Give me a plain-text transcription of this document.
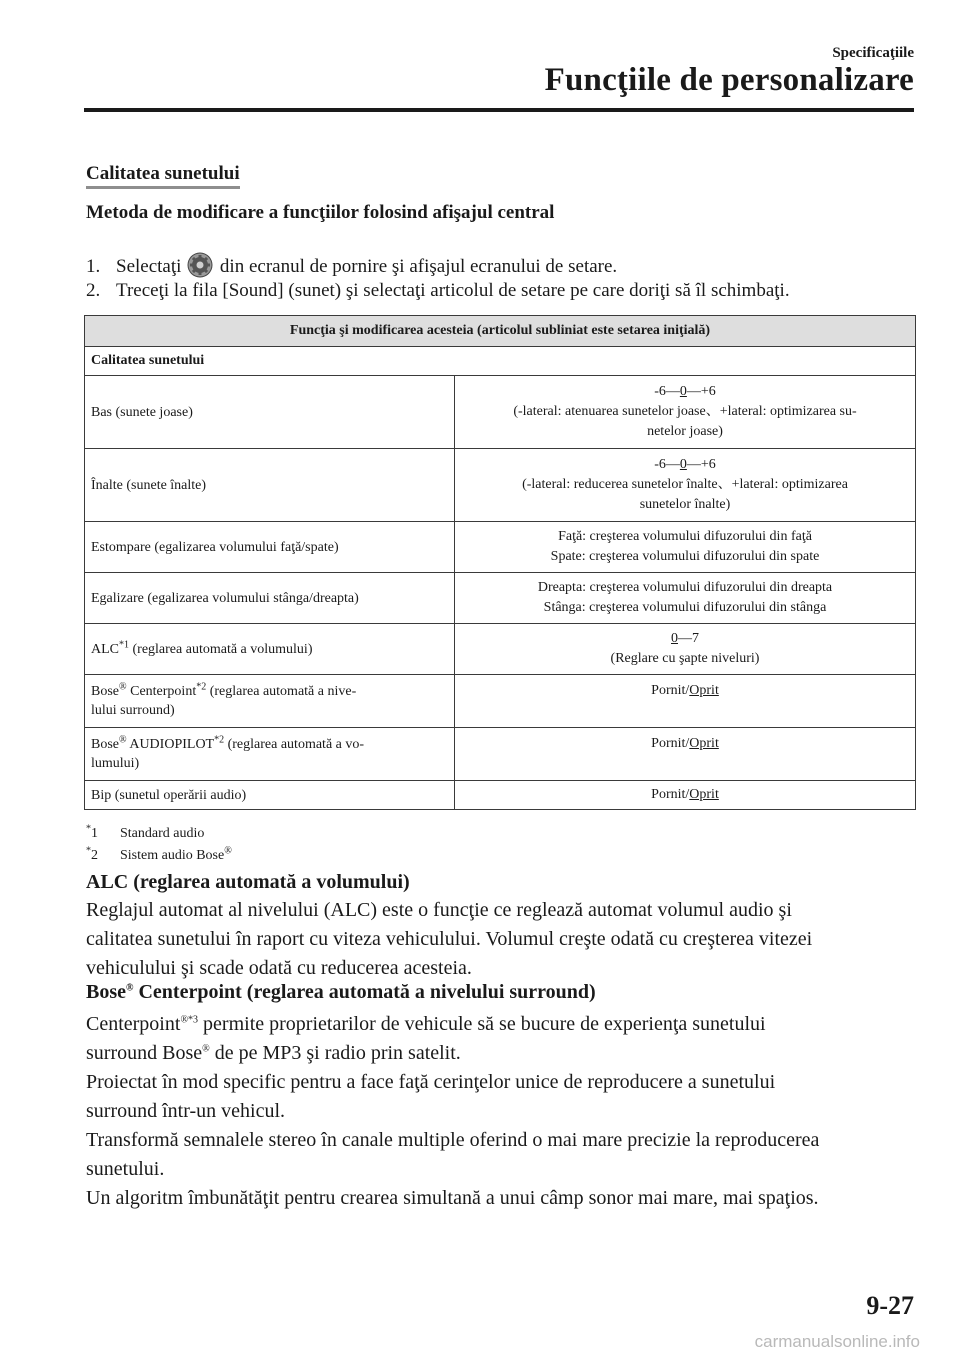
Specificaţiile
Funcţiile de personalizare
Calitatea sunetului
Metoda de modificare a funcţiilor folosind afişajul central
1. Selectaţi  din ecranul de pornire şi afişajul ecranului de setare.
2. Treceţi la fila [Sound] (sunet) şi selectaţi articolul de setare pe care doriţi să îl schimbaţi.
Funcţia şi modificarea acesteia (articolul subliniat este setarea iniţială)	
Calitatea sunetului	
Bas (sunete joase)	-6—0—+6
(-lateral: atenuarea sunetelor joase、+lateral: optimizarea su-
netelor joase)
Înalte (sunete înalte)	-6—0—+6
(-lateral: reducerea sunetelor înalte、+lateral: optimizarea
sunetelor înalte)
Estompare (egalizarea volumului faţă/spate)	Faţă: creşterea volumului difuzorului din faţă
Spate: creşterea volumului difuzorului din spate
Egalizare (egalizarea volumului stânga/dreapta)	Dreapta: creşterea volumului difuzorului din dreapta
Stânga: creşterea volumului difuzorului din stânga
ALC$^{*1}$ (reglarea automată a volumului)	0—7
(Reglare cu şapte niveluri)
Bose® Centerpoint$^{*2}$ (reglarea automată a nive-
lului surround)	Pornit/Oprit
Bose® AUDIOPILOT$^{*2}$ (reglarea automată a vo-
lumului)	Pornit/Oprit
Bip (sunetul operării audio)	Pornit/Oprit
*1 Standard audio
*2 Sistem audio Bose®
ALC (reglarea automată a volumului)
Reglajul automat al nivelului (ALC) este o funcţie ce reglează automat volumul audio şi
calitatea sunetului în raport cu viteza vehiculului. Volumul creşte odată cu creşterea vitezei
vehiculului şi scade odată cu reducerea acesteia.
Bose® Centerpoint (reglarea automată a nivelului surround)
Centerpoint$^{®*3}$ permite proprietarilor de vehicule să se bucure de experienţa sunetului
surround Bose® de pe MP3 şi radio prin satelit.
Proiectat în mod specific pentru a face faţă cerinţelor unice de reproducere a sunetului
surround într-un vehicul.
Transformă semnalele stereo în canale multiple oferind o mai mare precizie la reproducerea
sunetului.
Un algoritm îmbunătăţit pentru crearea simultană a unui câmp sonor mai mare, mai spaţios.
9-27
carmanualsonline.info
